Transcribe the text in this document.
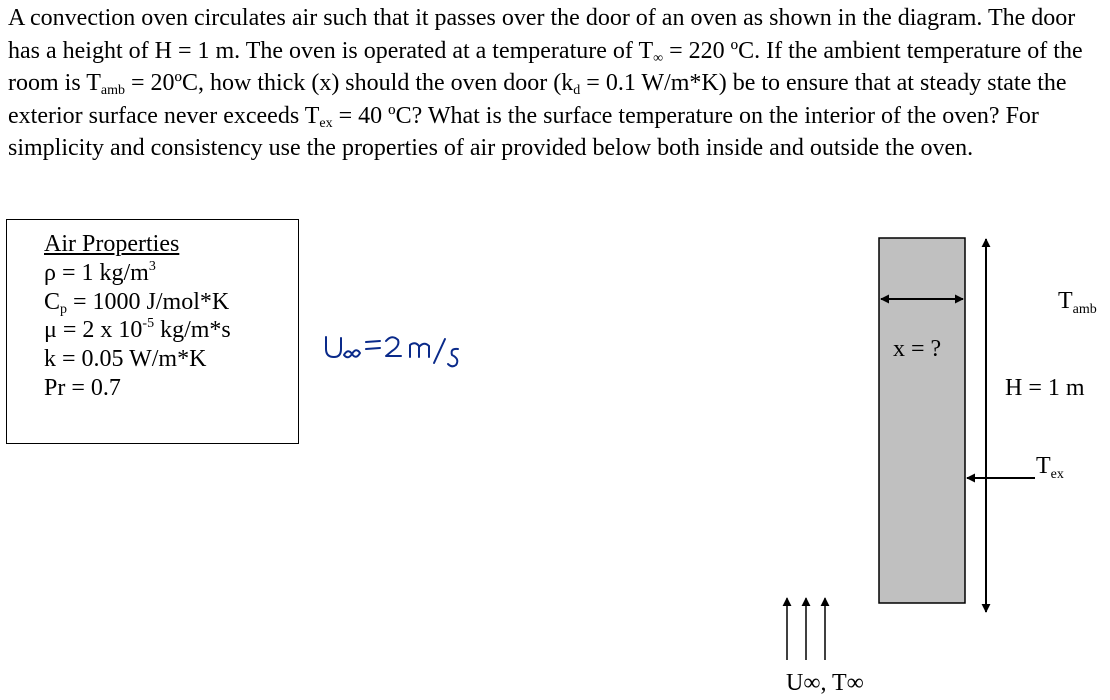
A convection oven circulates air such that it passes over the door of an oven as shown in the diagram. The door has a height of H = 1 m. The oven is operated at a temperature of $T_\infty = 220$ ºC. If the ambient temperature of the room is $T_{amb}$ = 20ºC, how thick (x) should the oven door ($k_d = 0.1$ W/m*K) be to ensure that at steady state the exterior surface never exceeds $T_{ex} = 40$ ºC? What is the surface temperature on the interior of the oven? For simplicity and consistency use the properties of air provided below both inside and outside the oven.

Air Properties
ρ = 1 $kg/m^3$
$C_p = 1000$ J/mol*K
μ = 2 x $10^{-5}$ kg/m*s
k = 0.05 W/m*K
Pr = 0.7
x = ?
$T_{amb}$
H = 1 m
$T_{ex}$
U∞, T∞
